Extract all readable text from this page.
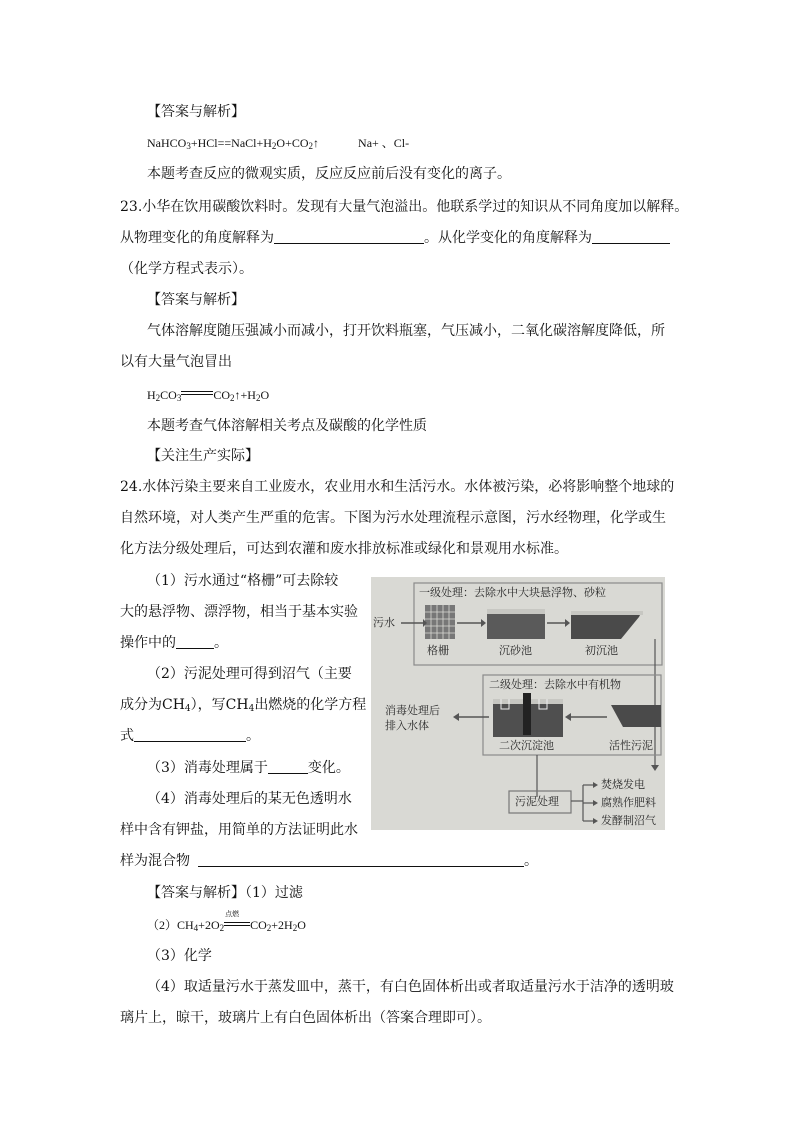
【答案与解析】
$NaHCO_3+HCl==NaCl+H_2O+CO_2↑$	Na+ 、Cl-
本题考查反应的微观实质，反应反应前后没有变化的离子。
23.小华在饮用碳酸饮料时。发现有大量气泡溢出。他联系学过的知识从不同角度加以解释。
从物理变化的角度解释为	。从化学变化的角度解释为
（化学方程式表示）。
【答案与解析】
气体溶解度随压强减小而减小，打开饮料瓶塞，气压减小，二氧化碳溶解度降低，所
以有大量气泡冒出
$H_2CO_3$	$CO_2↑+H_2O$
本题考查气体溶解相关考点及碳酸的化学性质
【关注生产实际】
24.水体污染主要来自工业废水，农业用水和生活污水。水体被污染，必将影响整个地球的
自然环境，对人类产生严重的危害。下图为污水处理流程示意图，污水经物理，化学或生
化方法分级处理后，可达到农灌和废水排放标准或绿化和景观用水标准。
（1）污水通过“格栅”可去除较
大的悬浮物、漂浮物，相当于基本实验
操作中的	。
（2）污泥处理可得到沼气（主要
成分为$CH_4$），写$CH_4$出燃烧的化学方程
式	。
（3）消毒处理属于	变化。
（4）消毒处理后的某无色透明水
样中含有钾盐，用简单的方法证明此水
样为混合物	。
一级处理：去除水中大块悬浮物、砂粒
污水
格栅	沉砂池	初沉池
二级处理：去除水中有机物
消毒处理后
排入水体
二次沉淀池	活性污泥
污泥处理
焚烧发电
腐熟作肥料
发酵制沼气
【答案与解析】（1）过滤
$(2)CH_4+2O_2$
点燃
$CO_2+2H_2O$
（3）化学
（4）取适量污水于蒸发皿中，蒸干，有白色固体析出或者取适量污水于洁净的透明玻
璃片上，晾干，玻璃片上有白色固体析出（答案合理即可）。
